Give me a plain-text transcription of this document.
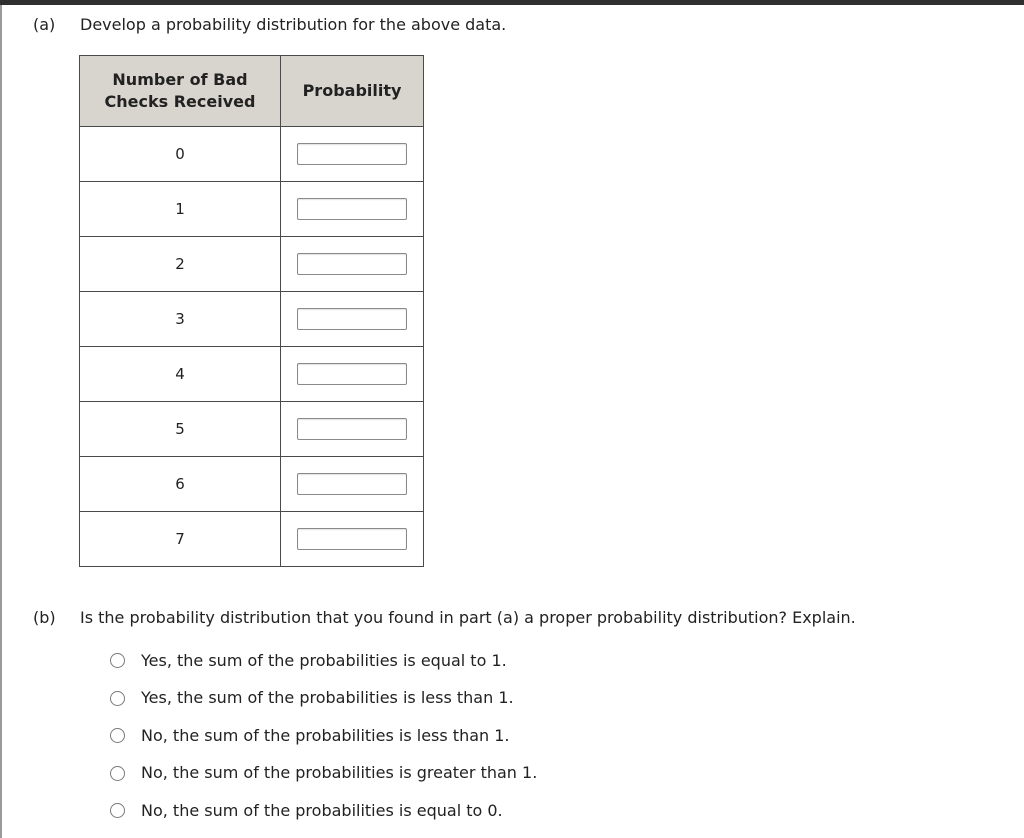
(a) Develop a probability distribution for the above data.
Number of Bad Checks Received	Probability
0	

1	

2	

3	

4	

5	

6	

7	
(b) Is the probability distribution that you found in part (a) a proper probability distribution? Explain.
Yes, the sum of the probabilities is equal to 1.
Yes, the sum of the probabilities is less than 1.
No, the sum of the probabilities is less than 1.
No, the sum of the probabilities is greater than 1.
No, the sum of the probabilities is equal to 0.
